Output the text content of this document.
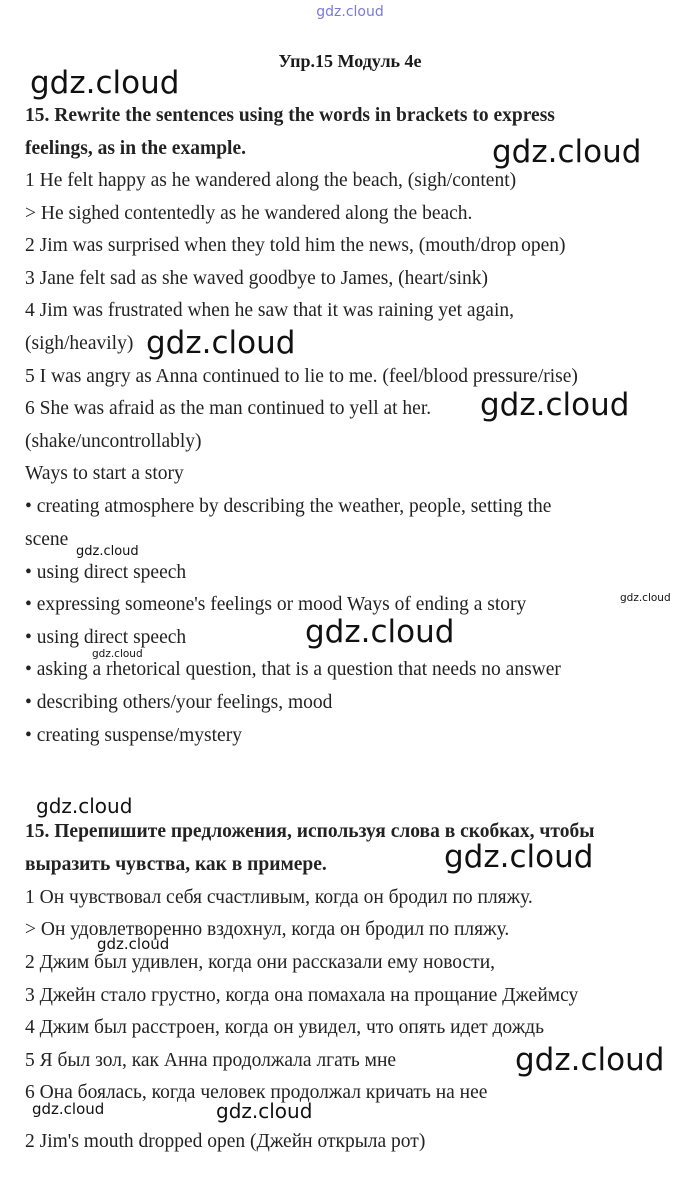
gdz.cloud
Упр.15 Модуль 4е
15. Rewrite the sentences using the words in brackets to express
feelings, as in the example.
1 He felt happy as he wandered along the beach, (sigh/content)
> He sighed contentedly as he wandered along the beach.
2 Jim was surprised when they told him the news, (mouth/drop open)
3 Jane felt sad as she waved goodbye to James, (heart/sink)
4 Jim was frustrated when he saw that it was raining yet again,
(sigh/heavily)
5 I was angry as Anna continued to lie to me. (feel/blood pressure/rise)
6 She was afraid as the man continued to yell at her.
(shake/uncontrollably)
Ways to start a story
• creating atmosphere by describing the weather, people, setting the
scene
• using direct speech
• expressing someone's feelings or mood Ways of ending a story
• using direct speech
• asking a rhetorical question, that is a question that needs no answer
• describing others/your feelings, mood
• creating suspense/mystery
15. Перепишите предложения, используя слова в скобках, чтобы
выразить чувства, как в примере.
1 Он чувствовал себя счастливым, когда он бродил по пляжу.
> Он удовлетворенно вздохнул, когда он бродил по пляжу.
2 Джим был удивлен, когда они рассказали ему новости,
3 Джейн стало грустно, когда она помахала на прощание Джеймсу
4 Джим был расстроен, когда он увидел, что опять идет дождь
5 Я был зол, как Анна продолжала лгать мне
6 Она боялась, когда человек продолжал кричать на нее
2 Jim's mouth dropped open (Джейн открыла рот)
gdz.cloud
gdz.cloud
gdz.cloud
gdz.cloud
gdz.cloud
gdz.cloud
gdz.cloud
gdz.cloud
gdz.cloud
gdz.cloud
gdz.cloud
gdz.cloud
gdz.cloud	gdz.cloud
